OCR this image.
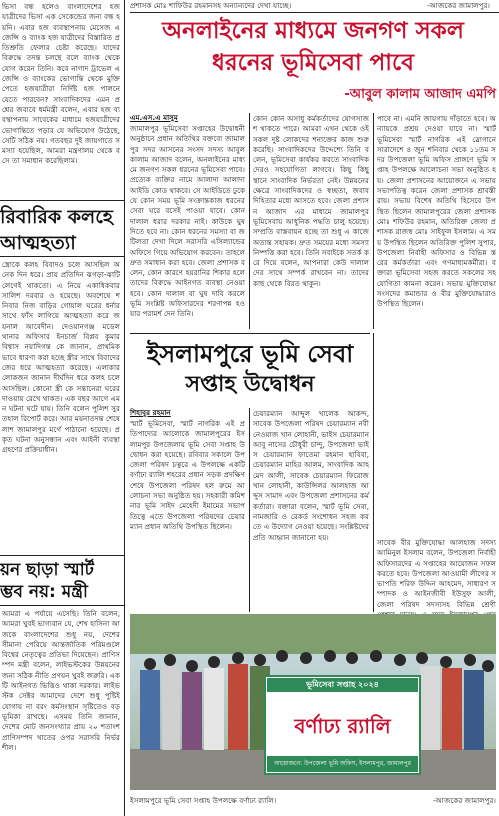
প্রশাসক মোঃ শাফিউর রহমানসহ অন্যান্যদের দেখা যাচ্ছে।	-আজকের জামালপুর।
ভিসা বন্ধ হলেও বাংলাদেশের হজযাত্রীদের ভিসা এক সেকেন্ডের জন্য বন্ধ হয়নি। এবার হজ ব্যবস্থাপনায় মেসেজ এজেন্সি ও ব্যাংক হজ যাত্রীদের বিস্তারিত প্রতিশ্রুতি ফেলার চেষ্টা করেছে। যাদের বিরুদ্ধে তদন্ত চলছে বলে ব্যাংক থেকে যোগ করেন তিনি। কবে নাগাদ ট্রাভেল এজেন্সি ও ব্যাংকের ভোগান্তি থেকে মুক্তি পেতে হজযাত্রীরা নির্দিষ্ট হজ পালনে যেতে পারবেন? সাংবাদিকদের এমন প্রশ্নের জবাবে ধর্মমন্ত্রী বলেন, এবার হজ ব্যবস্থাপনায় সাবেকের মাধ্যমে হজযাত্রীদের ভোগান্তিতে পড়ার যে অভিযোগ উঠেছে, সেটি সঠিক নয়। গতবছর দুই জায়গাতে সমস্যা হয়েছিল, আমরা মন্ত্রণালয় থেকে বসে তা সমাধান করেছিলাম।
রিবারিক কলহে
আত্মহত্যা
স্ত্রোকে কলহ বিবাদও চলে আসছিল অনেক দিন ধরে। প্রায় প্রতিদিন ঝগড়া-ঝাটি লেগেই থাকতো। এ নিয়ে একাধিকবার সালিশ দরবার ও হয়েছে। অবশেষে শনিবার নিজ বাড়ির গোয়াল ঘরের ধর্নার সাথে ফাঁস লাগিয়ে আত্মহত্যা করে জয়নাল আবেদীন। দেওয়ানগঞ্জ মডেল থানার অফিসার ইনচার্জ বিপ্লব কুমার বিশ্বাস নয়াদিগন্ত কে জানান, প্রাথমিকভাবে ধারণা করা হচ্ছে স্ত্রীর সাথে বিবাদের জের ধরে আত্মহত্যা করেছে। এলাকার লোকজন জানান দীর্ঘদিন ধরে কলহ চলে আসছিল। কোনো স্ত্রী কে সন্তানেরা ঘরের দাওয়ায় রেখে থাকত। এক বছর আগে এমন ঘটনা ঘটে যায়। তিনি বলেন পুলিশ সুরতহাল রিপোর্ট করে। আর ময়নাতদন্ত শেষে লাশ জামালপুর মর্গে পাঠানো হয়েছে। প্রকৃত ঘটনা অনুসন্ধান এবং আইনী ব্যবস্থা গ্রহণের প্রক্রিয়াধীন।
য়ন ছাড়া স্মার্ট
ম্ভব নয়: মন্ত্রী
আমরা এ পর্যায়ে এসেছি। তিনি বলেন, আমরা খুবই ভাগ্যবান যে, শেখ হাসিনা আজকে বাংলাদেশের শুধু নয়, দেশের সীমানা পেরিয়ে আন্তর্জাতিক পরিমণ্ডলে বিশ্বের নেতৃত্বের প্রতিভা দিয়েছেন। প্রাণিসম্পদ মন্ত্রী বলেন, লাইভস্টকের উন্নয়নের জন্য সঠিক নীতি প্রণয়ন খুবই জরুরি। একটি আইনগত ভিত্তিও থাকা দরকার। লাইভস্টক সেক্টর আমাদের দেশে শুধু পুষ্টিই যোগায় না বরং কর্মসংস্থান সৃষ্টিতেও বড় ভূমিকা রাখছে। এসময় তিনি জানান, দেশের মোট জনসংখ্যার প্রায় ২০ শতাংশ প্রাণিসম্পদ খাতের ওপর সরাসরি নির্ভরশীল।
অনলাইনের মাধ্যমে জনগণ সকল
ধরনের ভূমিসেবা পাবে
-আবুল কালাম আজাদ এমপি
এম.এস.এ মাসুম
জামালপুর ভূমিসেবা সপ্তাহের উদ্বোধনী অনুষ্ঠানে প্রধান অতিথির বক্তব্যে জামালপুর সদর আসনের সংসদ সদস্য আবুল কালাম আজাদ বলেন, অনলাইনের মাধ্যমে জনগণ সকল ধরনের ভূমিসেবা পাবে। প্রত্যেক ব্যক্তির নামে আলাদা আলাদা আইডি কোড থাকবে। সে আইডিতে ঢুকে যে কোন সময় ভূমি সংক্রান্তকাজ ধরনের সেবা ঘরে বসেই পাওয়া যাবে। কোন দালাল ধরার দরকার নাই। কাউকে ঘুষ দিতে হবে না। কোন ধরনের সমস্যা বা জটিলতা দেখা দিলে সরাসরি এসিল্যান্ডের অফিসে গিয়ে অভিযোগ করবেন। তাহলে দ্রুত সমাধান করা হবে। জেলা প্রশাসক বলেন, কোন কারণে হয়রানির শিকার হলে তাদের বিরুদ্ধে আইনগত ব্যবস্থা নেওয়া হবে। কোন দালাল বা ঘুষ দাবি করলে ভূমি সংশ্লিষ্ট অফিসারদের শরণাপন্ন হওয়ার পরামর্শ দেন তিনি।
কোন কোন অসাধু কর্মকর্তাদের যোগসাজশ থাকতে পারে। আমরা এখন থেকে ওই সকল দুষ্ট লোকদের শনাক্তের কাজ শুরু করেছি। সাংবাদিকদের উদ্দেশ্যে তিনি বলেন, ভূমিসেবা কার্যকর করতে সাংবাদিকদেরও সহযোগিতা লাগবে। কিছু কিছু স্থানে সাংবাদিক নির্ভরতা নেই। উন্নয়নের ক্ষেত্রে সাংবাদিকদের ও স্বচ্ছতা, জবাবদিহিতার মধ্যে আসতে হবে। জেলা প্রশাসন আজাদ এর মাধ্যমে জামালপুর ভূমিসেবায় আধুনিক পদ্ধতি চালু হয়েছে। সম্প্রতি বাস্তবায়ন হচ্ছে তা শুধু এ কাজে অত্যন্ত সহায়ক। দ্রুত সময়ের মধ্যে সমস্যা নিষ্পত্তি করা হবে। তিনি সবাইকে সতর্ক করে দিয়ে বলেন, আপনারা কেউ দালালদের সাথে সম্পর্ক রাখবেন না। তাদের কাছ থেকে বিরত থাকুন।
পাবে না। এমনি জায়গায় দাঁড়াতে হবে। অন্যায়কে প্রশ্রয় দেওয়া যাবে না। স্মার্ট ভূমিসেবা স্মার্ট নাগরিক এই স্লোগানে সারাদেশে ৪ জুন শনিবার থেকে ১১তম সদর উপজেলা ভূমি অফিস প্রাঙ্গণে ভূমি সপ্তাহ উপলক্ষে আলোচনা সভা অনুষ্ঠিত হয়। জেলা প্রশাসনের আয়োজনে এ সভায় সভাপতিত্ব করেন জেলা প্রশাসক শ্রাবস্তী রায়। সভায় বিশেষ অতিথি হিসেবে উপস্থিত ছিলেন জামালপুরের জেলা প্রশাসক মোঃ শফিউর রহমান, অতিরিক্ত জেলা প্রশাসক রাজস্ব মোঃ সাইফুল ইসলাম। এ সময় উপস্থিত ছিলেন অতিরিক্ত পুলিশ সুপার, উপজেলা নির্বাহী অফিসার ও বিভিন্ন স্তরের কর্মকর্তারা এবং গণমাধ্যমকর্মীরা। বক্তারা ভূমিসেবা সহজ করতে সকলের সহযোগিতা কামনা করেন। সভায় মুক্তিযোদ্ধা সংসদের কমান্ডার ও বীর মুক্তিযোদ্ধারাও উপস্থিত ছিলেন।
ইসলামপুরে ভূমি সেবা
সপ্তাহ উদ্বোধন
শিহাবুর রহমান
স্মার্ট ভূমিসেবা, স্মার্ট নাগরিক এই প্রতিপাদ্যের আলোকে জামালপুরের ইসলামপুর উপজেলায় ভূমি সেবা সপ্তাহ উদ্বোধন করা হয়েছে। রবিবার সকালে উপজেলা পরিষদ চত্বরে এ উপলক্ষে একটি বর্ণাঢ্য র‍্যালি শহরের প্রধান সড়ক প্রদক্ষিণ শেষে উপজেলা পরিষদ হল রুমে আলোচনা সভা অনুষ্ঠিত হয়। সহকারী কমিশনার ভূমি সাইদ মেহেদী ইমামের সভাপতিত্বে এতে উপজেলা পরিষদের চেয়ারম্যান প্রধান অতিথি উপস্থিত ছিলেন।
চেয়ারম্যান আব্দুল খালেক আকন্দ, সাবেক উপজেলা পরিষদ চেয়ারম্যান নবী নেওয়াজ খান লোহানী, ভাইস চেয়ারম্যান আবু নাসের চৌধুরী চান্দু, উপজেলা ভাইস চেয়ারম্যান ফাতেমা রহমান হাবিবা, চেয়ারম্যান মাহির আলম, সাংবাদিক আহমেদ আলী, সাবেক চেয়ারম্যান ফিরোজ খান লোহানী, কাউন্সিলর আলহাজ আব্দুস সামাদ এবং উপজেলা প্রশাসনের কর্মকর্তারা। বক্তারা বলেন, স্মার্ট ভূমি সেবা, নামজারি ও রেকর্ড সংশোধন সহজ করতে এ উদ্যোগ নেওয়া হয়েছে। সংশ্লিষ্টদের প্রতি আহ্বান জানানো হয়।
সাবেক বীর মুক্তিযোদ্ধা আলহাজ সদস্য আমিনুল ইসলাম বলেন, উপজেলা নির্বাহী অফিসারদের এ সপ্তাহের আয়োজন সফল করতে হবে। উপজেলা আওয়ামী লীগের সভাপতি শরিফ উদ্দিন আহমেদ, সাধারণ সম্পাদক ও আইনজীবী ইউসুফ আলী, জেলা পরিষদ সদস্যসহ বিভিন্ন শ্রেণী
ভূমিসেবা সপ্তাহ ২০২৪
বর্ণাঢ্য র‍্যালি
আয়োজনে: উপজেলা ভূমি অফিস, ইসলামপুর, জামালপুর
ইসলামপুরে ভূমি সেবা সপ্তাহ উপলক্ষে বর্ণাঢ্য র‍্যালি।	-আজকের জামালপুর।
